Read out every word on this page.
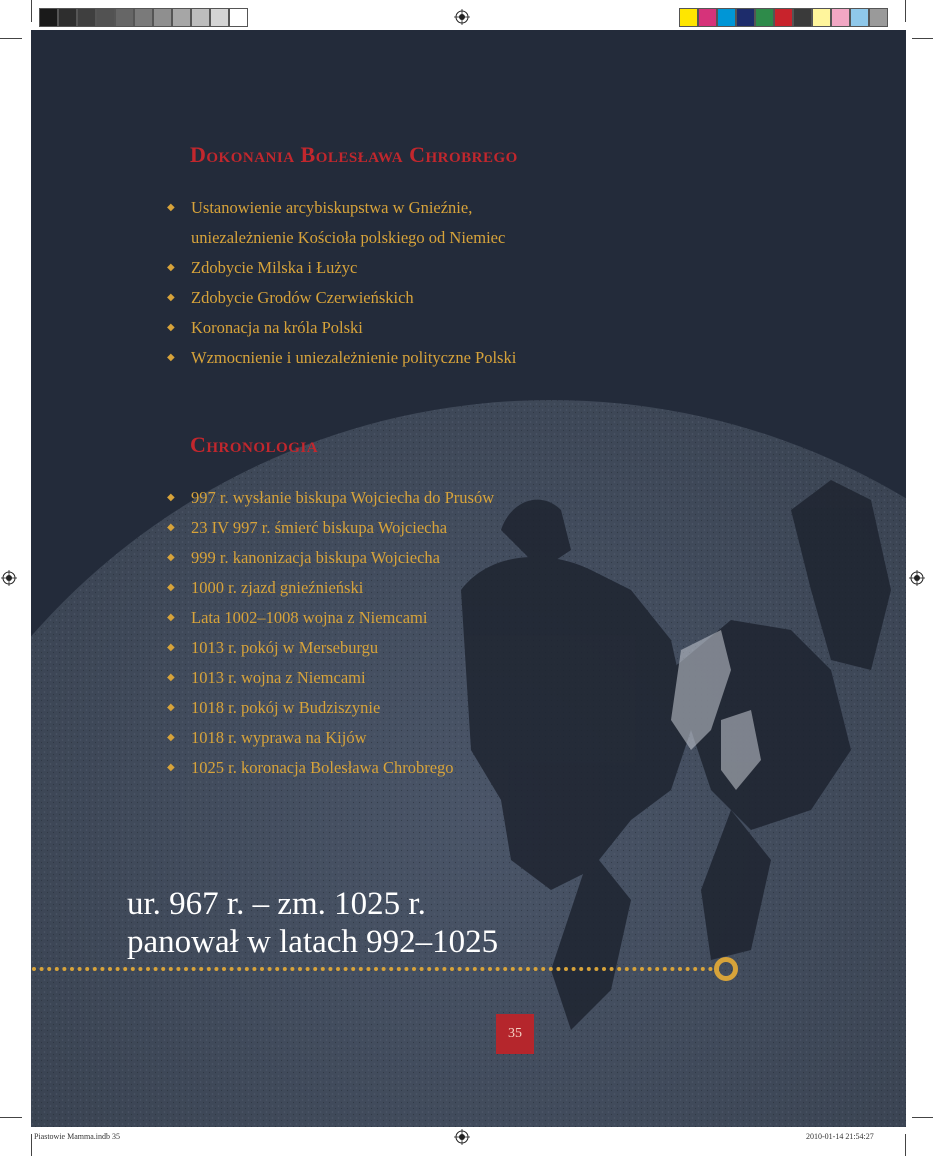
Dokonania Bolesława Chrobrego
◆ Ustanowienie arcybiskupstwa w Gnieźnie,
uniezależnienie Kościoła polskiego od Niemiec
◆ Zdobycie Milska i Łużyc
◆ Zdobycie Grodów Czerwieńskich
◆ Koronacja na króla Polski
◆ Wzmocnienie i uniezależnienie polityczne Polski
Chronologia
◆ 997 r. wysłanie biskupa Wojciecha do Prusów
◆ 23 IV 997 r. śmierć biskupa Wojciecha
◆ 999 r. kanonizacja biskupa Wojciecha
◆ 1000 r. zjazd gnieźnieński
◆ Lata 1002–1008 wojna z Niemcami
◆ 1013 r. pokój w Merseburgu
◆ 1013 r. wojna z Niemcami
◆ 1018 r. pokój w Budziszynie
◆ 1018 r. wyprawa na Kijów
◆ 1025 r. koronacja Bolesława Chrobrego
ur. 967 r. – zm. 1025 r.
panował w latach 992–1025
35
Piastowie Mamma.indb 35	2010-01-14 21:54:27
